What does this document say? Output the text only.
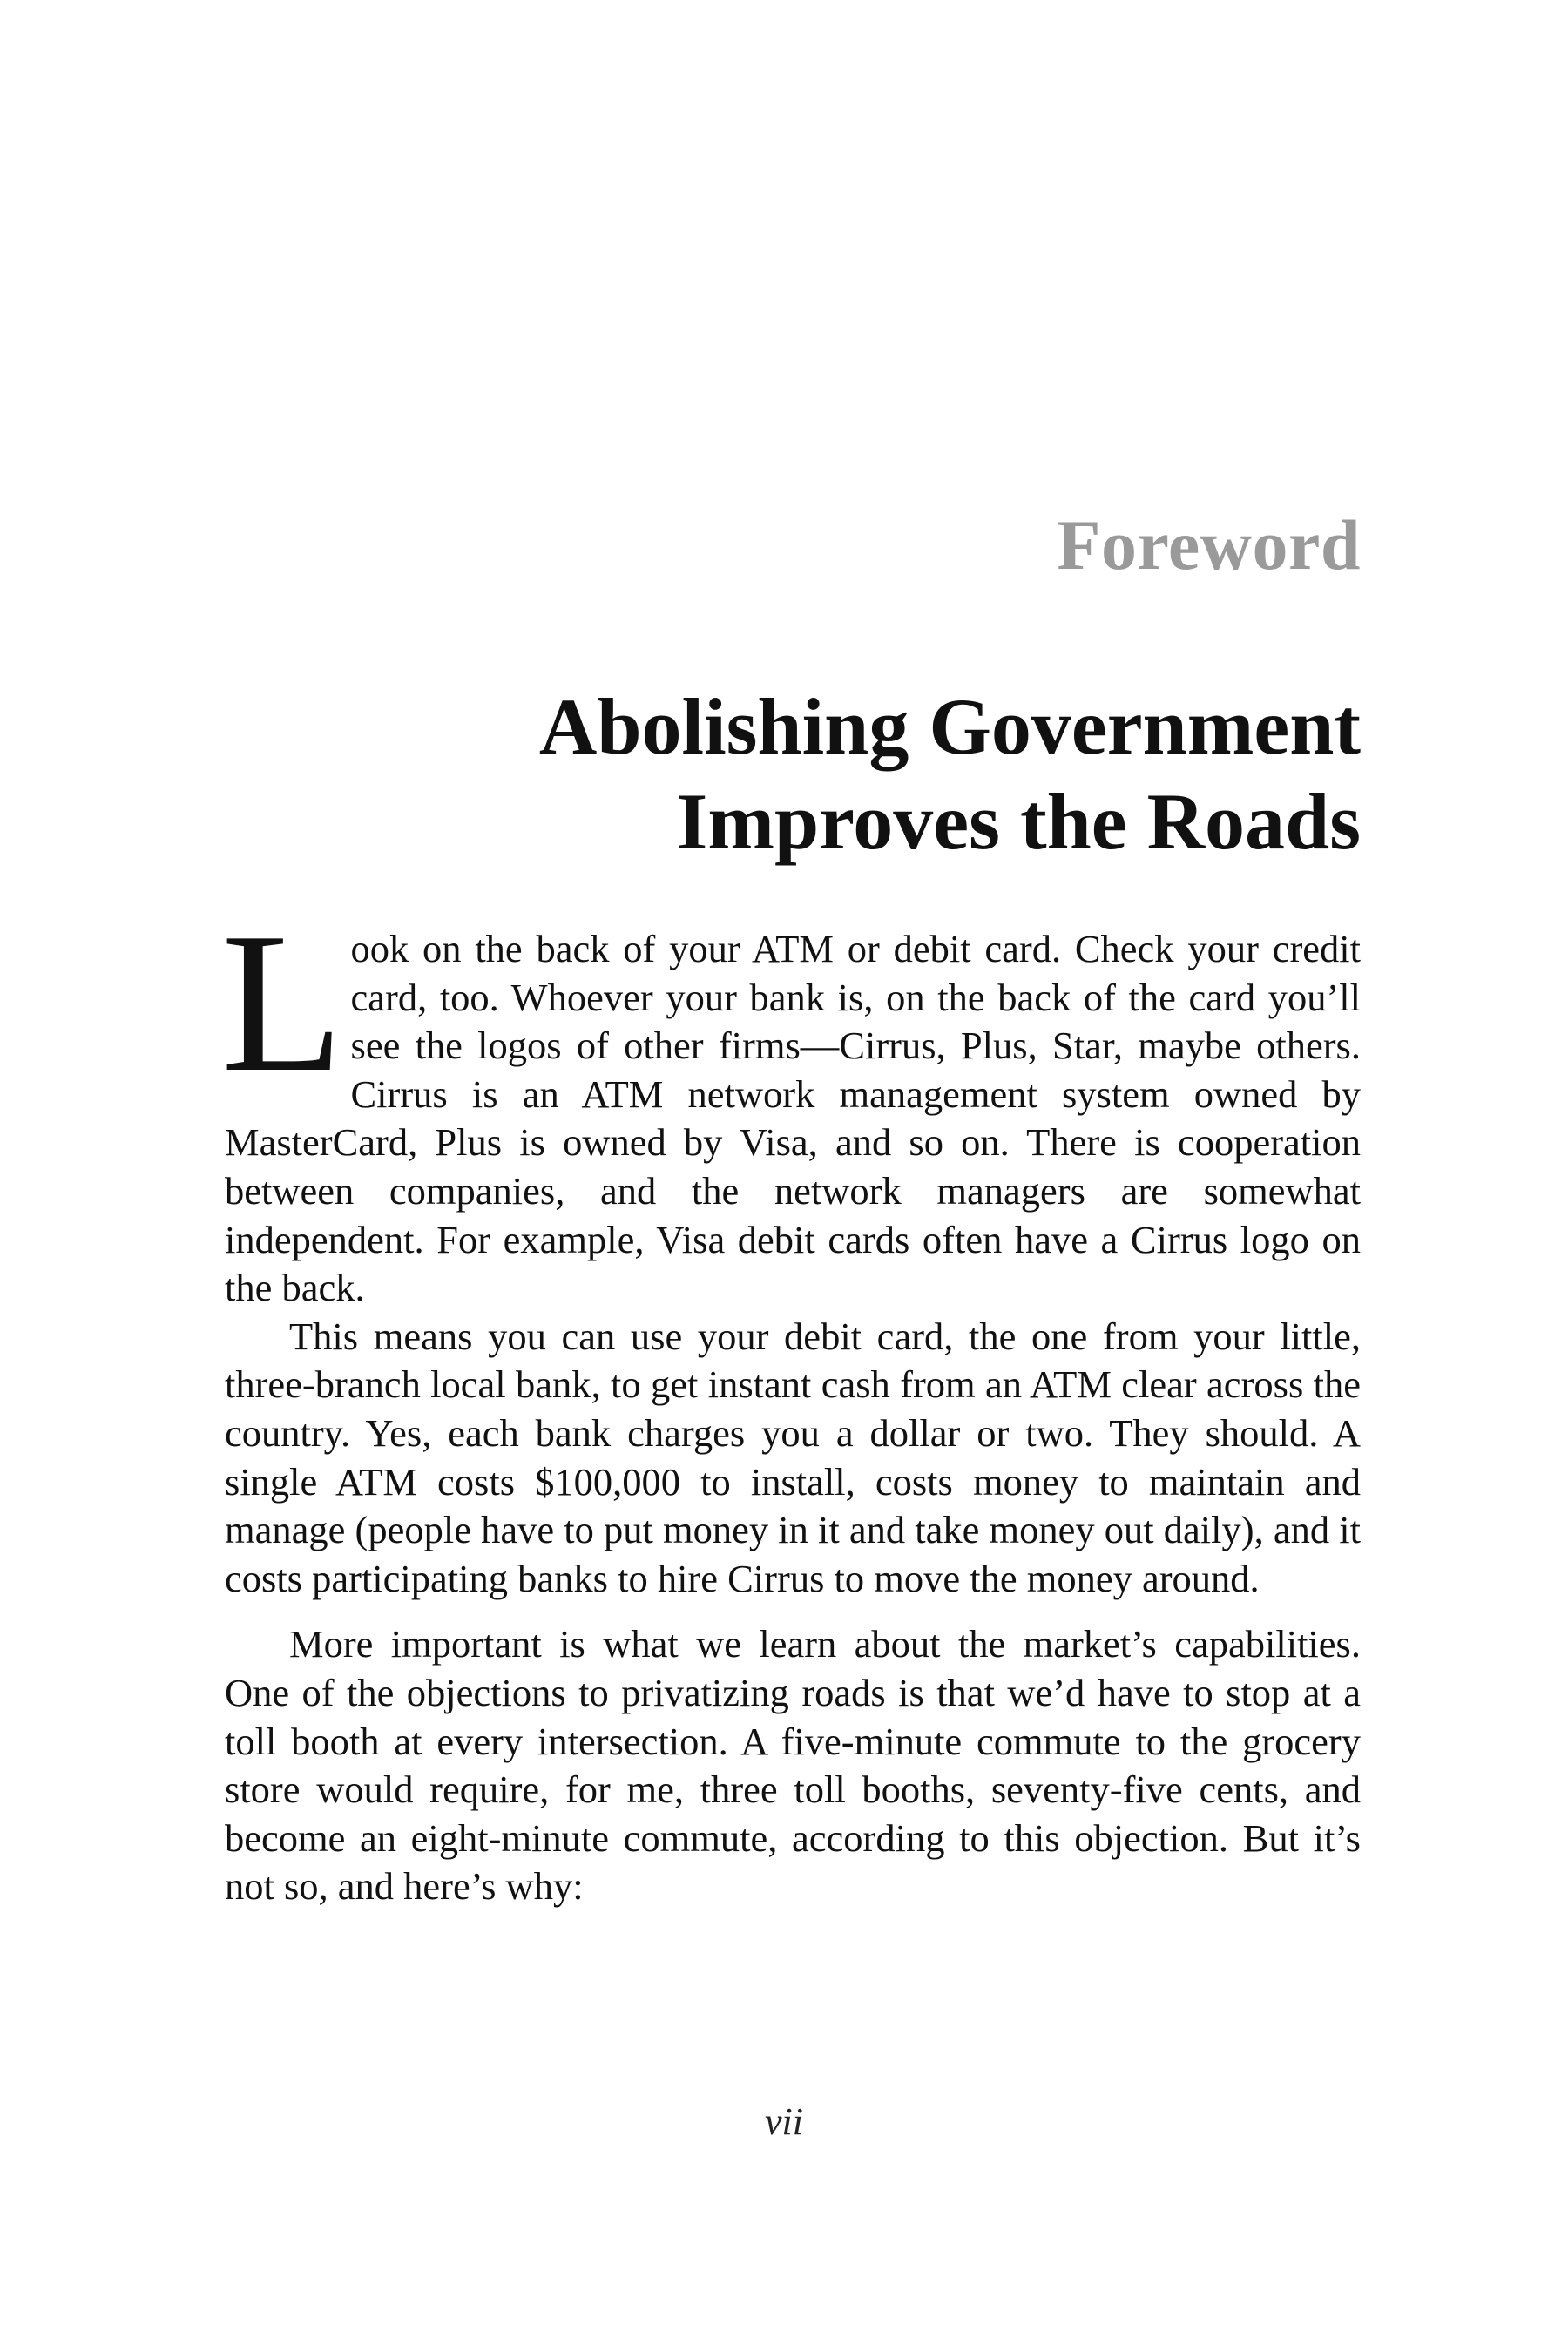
Foreword
Abolishing Government
Improves the Roads

Look on the back of your ATM or debit card. Check your credit card, too. Whoever your bank is, on the back of the card you’ll see the logos of other firms—Cirrus, Plus, Star, maybe others. Cirrus is an ATM network management system owned by MasterCard, Plus is owned by Visa, and so on. There is cooperation between companies, and the network managers are somewhat independent. For example, Visa debit cards often have a Cirrus logo on the back.

This means you can use your debit card, the one from your little, three-branch local bank, to get instant cash from an ATM clear across the country. Yes, each bank charges you a dollar or two. They should. A single ATM costs $100,000 to install, costs money to maintain and manage (people have to put money in it and take money out daily), and it costs participating banks to hire Cirrus to move the money around.

More important is what we learn about the market’s capabilities. One of the objections to privatizing roads is that we’d have to stop at a toll booth at every intersection. A five-minute commute to the grocery store would require, for me, three toll booths, seventy-five cents, and become an eight-minute commute, according to this objection. But it’s not so, and here’s why:

vii
